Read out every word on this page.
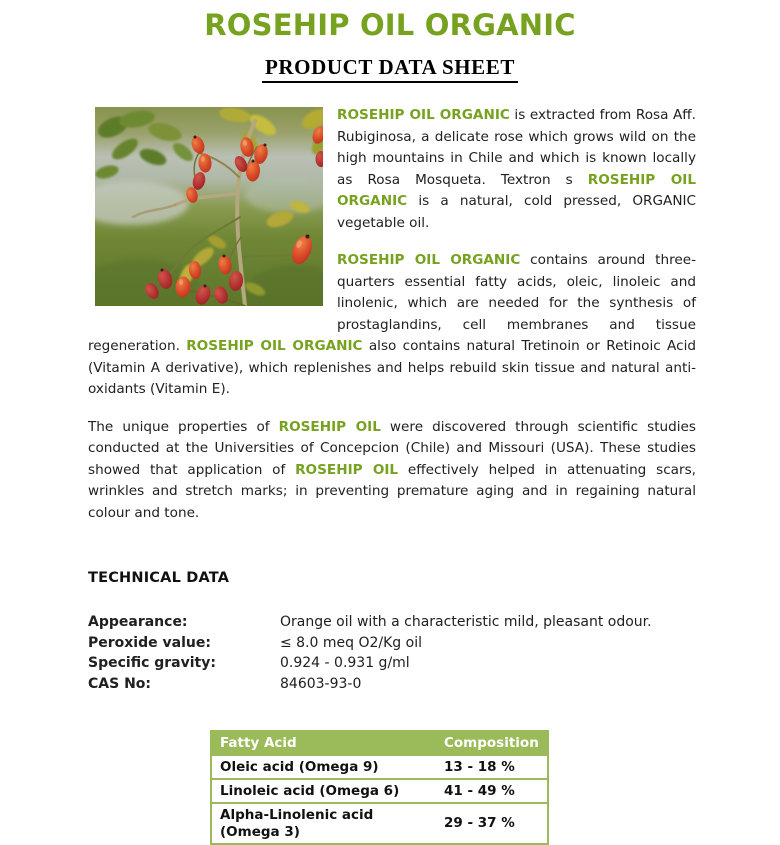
ROSEHIP OIL ORGANIC
PRODUCT DATA SHEET

ROSEHIP OIL ORGANIC is extracted from Rosa Aff. Rubiginosa, a delicate rose which grows wild on the high mountains in Chile and which is known locally as Rosa Mosqueta. Textron s ROSEHIP OIL ORGANIC is a natural, cold pressed, ORGANIC vegetable oil.

ROSEHIP OIL ORGANIC contains around three-quarters essential fatty acids, oleic, linoleic and linolenic, which are needed for the synthesis of prostaglandins, cell membranes and tissue regeneration. ROSEHIP OIL ORGANIC also contains natural Tretinoin or Retinoic Acid (Vitamin A derivative), which replenishes and helps rebuild skin tissue and natural anti-oxidants (Vitamin E).

The unique properties of ROSEHIP OIL were discovered through scientific studies conducted at the Universities of Concepcion (Chile) and Missouri (USA). These studies showed that application of ROSEHIP OIL effectively helped in attenuating scars, wrinkles and stretch marks; in preventing premature aging and in regaining natural colour and tone.

TECHNICAL DATA
Appearance:	Orange oil with a characteristic mild, pleasant odour.
Peroxide value:	≤ 8.0 meq O2/Kg oil
Specific gravity:	0.924 - 0.931 g/ml
CAS No:	84603-93-0
Fatty Acid	Composition
Oleic acid (Omega 9)	13 - 18 %
Linoleic acid (Omega 6)	41 - 49 %
Alpha-Linolenic acid (Omega 3)	29 - 37 %
